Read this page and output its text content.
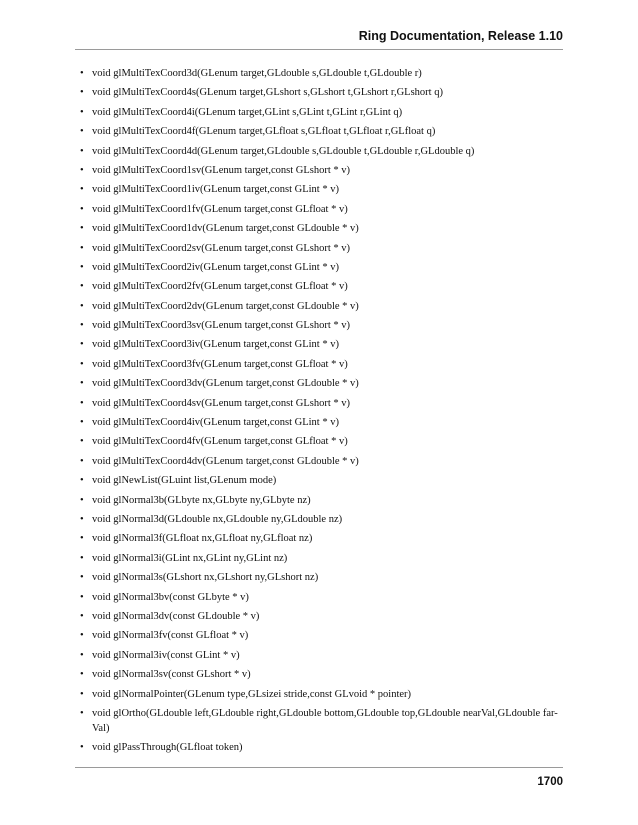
Ring Documentation, Release 1.10
• void glMultiTexCoord3d(GLenum target,GLdouble s,GLdouble t,GLdouble r)
• void glMultiTexCoord4s(GLenum target,GLshort s,GLshort t,GLshort r,GLshort q)
• void glMultiTexCoord4i(GLenum target,GLint s,GLint t,GLint r,GLint q)
• void glMultiTexCoord4f(GLenum target,GLfloat s,GLfloat t,GLfloat r,GLfloat q)
• void glMultiTexCoord4d(GLenum target,GLdouble s,GLdouble t,GLdouble r,GLdouble q)
• void glMultiTexCoord1sv(GLenum target,const GLshort * v)
• void glMultiTexCoord1iv(GLenum target,const GLint * v)
• void glMultiTexCoord1fv(GLenum target,const GLfloat * v)
• void glMultiTexCoord1dv(GLenum target,const GLdouble * v)
• void glMultiTexCoord2sv(GLenum target,const GLshort * v)
• void glMultiTexCoord2iv(GLenum target,const GLint * v)
• void glMultiTexCoord2fv(GLenum target,const GLfloat * v)
• void glMultiTexCoord2dv(GLenum target,const GLdouble * v)
• void glMultiTexCoord3sv(GLenum target,const GLshort * v)
• void glMultiTexCoord3iv(GLenum target,const GLint * v)
• void glMultiTexCoord3fv(GLenum target,const GLfloat * v)
• void glMultiTexCoord3dv(GLenum target,const GLdouble * v)
• void glMultiTexCoord4sv(GLenum target,const GLshort * v)
• void glMultiTexCoord4iv(GLenum target,const GLint * v)
• void glMultiTexCoord4fv(GLenum target,const GLfloat * v)
• void glMultiTexCoord4dv(GLenum target,const GLdouble * v)
• void glNewList(GLuint list,GLenum mode)
• void glNormal3b(GLbyte nx,GLbyte ny,GLbyte nz)
• void glNormal3d(GLdouble nx,GLdouble ny,GLdouble nz)
• void glNormal3f(GLfloat nx,GLfloat ny,GLfloat nz)
• void glNormal3i(GLint nx,GLint ny,GLint nz)
• void glNormal3s(GLshort nx,GLshort ny,GLshort nz)
• void glNormal3bv(const GLbyte * v)
• void glNormal3dv(const GLdouble * v)
• void glNormal3fv(const GLfloat * v)
• void glNormal3iv(const GLint * v)
• void glNormal3sv(const GLshort * v)
• void glNormalPointer(GLenum type,GLsizei stride,const GLvoid * pointer)
• void glOrtho(GLdouble left,GLdouble right,GLdouble bottom,GLdouble top,GLdouble nearVal,GLdouble far- Val)
• void glPassThrough(GLfloat token)
1700
